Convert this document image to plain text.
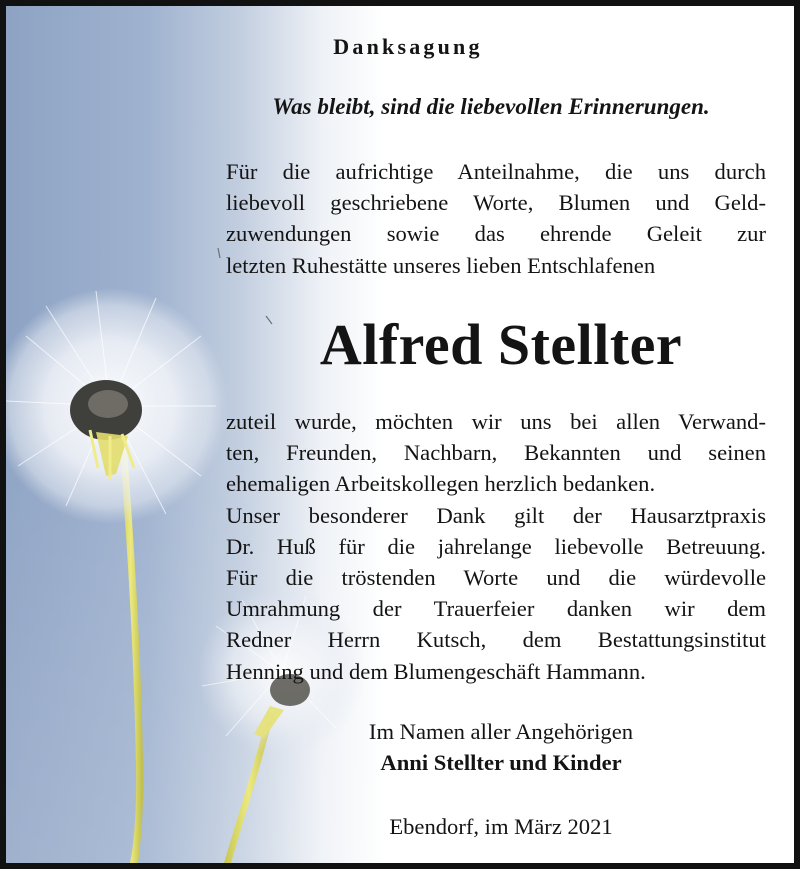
Danksagung

Was bleibt, sind die liebevollen Erinnerungen.

Für die aufrichtige Anteilnahme, die uns durch
liebevoll geschriebene Worte, Blumen und Geld-
zuwendungen sowie das ehrende Geleit zur
letzten Ruhestätte unseres lieben Entschlafenen

Alfred Stellter

zuteil wurde, möchten wir uns bei allen Verwand-
ten, Freunden, Nachbarn, Bekannten und seinen
ehemaligen Arbeitskollegen herzlich bedanken.
Unser besonderer Dank gilt der Hausarztpraxis
Dr. Huß für die jahrelange liebevolle Betreuung.
Für die tröstenden Worte und die würdevolle
Umrahmung der Trauerfeier danken wir dem
Redner Herrn Kutsch, dem Bestattungsinstitut
Henning und dem Blumengeschäft Hammann.

Im Namen aller Angehörigen

Anni Stellter und Kinder

Ebendorf, im März 2021
